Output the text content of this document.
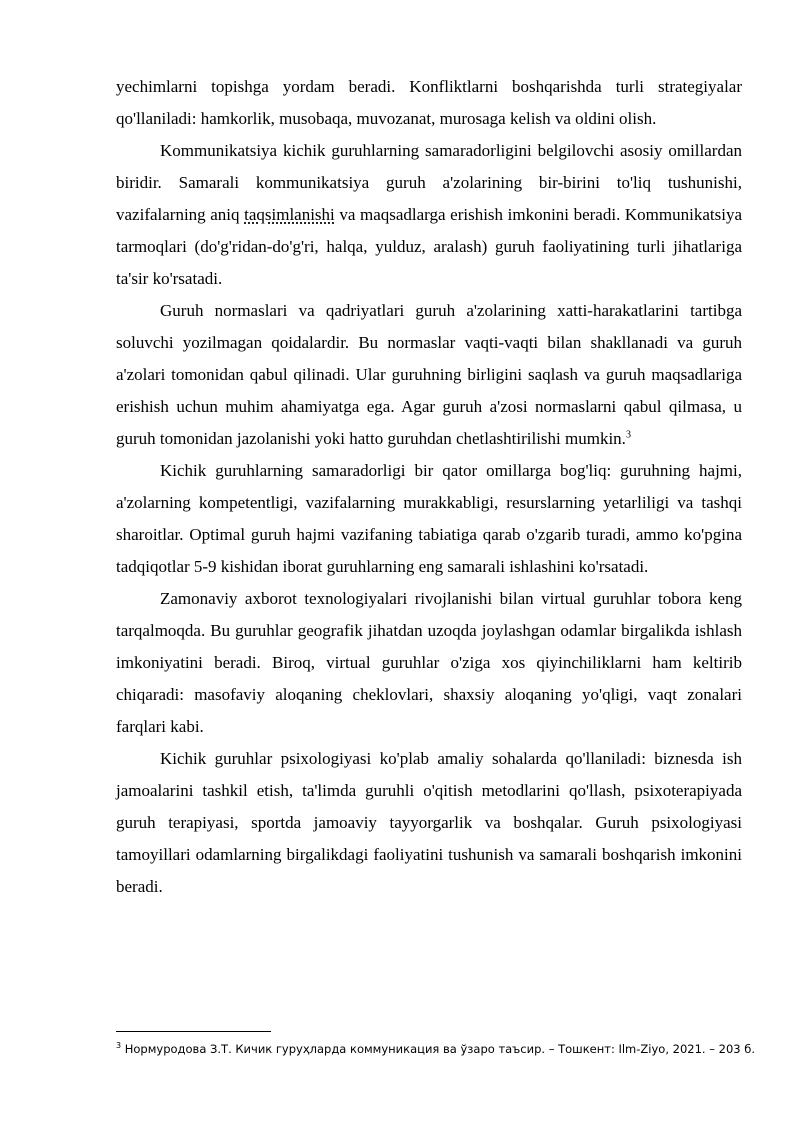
yechimlarni topishga yordam beradi. Konfliktlarni boshqarishda turli strategiyalar qo'llaniladi: hamkorlik, musobaqa, muvozanat, murosaga kelish va oldini olish.

Kommunikatsiya kichik guruhlarning samaradorligini belgilovchi asosiy omillardan biridir. Samarali kommunikatsiya guruh a'zolarining bir-birini to'liq tushunishi, vazifalarning aniq taqsimlanishi va maqsadlarga erishish imkonini beradi. Kommunikatsiya tarmoqlari (do'g'ridan-do'g'ri, halqa, yulduz, aralash) guruh faoliyatining turli jihatlariga ta'sir ko'rsatadi.

Guruh normaslari va qadriyatlari guruh a'zolarining xatti-harakatlarini tartibga soluvchi yozilmagan qoidalardir. Bu normaslar vaqti-vaqti bilan shakllanadi va guruh a'zolari tomonidan qabul qilinadi. Ular guruhning birligini saqlash va guruh maqsadlariga erishish uchun muhim ahamiyatga ega. Agar guruh a'zosi normaslarni qabul qilmasa, u guruh tomonidan jazolanishi yoki hatto guruhdan chetlashtirilishi mumkin.$^3$

Kichik guruhlarning samaradorligi bir qator omillarga bog'liq: guruhning hajmi, a'zolarning kompetentligi, vazifalarning murakkabligi, resurslarning yetarliligi va tashqi sharoitlar. Optimal guruh hajmi vazifaning tabiatiga qarab o'zgarib turadi, ammo ko'pgina tadqiqotlar 5-9 kishidan iborat guruhlarning eng samarali ishlashini ko'rsatadi.

Zamonaviy axborot texnologiyalari rivojlanishi bilan virtual guruhlar tobora keng tarqalmoqda. Bu guruhlar geografik jihatdan uzoqda joylashgan odamlar birgalikda ishlash imkoniyatini beradi. Biroq, virtual guruhlar o'ziga xos qiyinchiliklarni ham keltirib chiqaradi: masofaviy aloqaning cheklovlari, shaxsiy aloqaning yo'qligi, vaqt zonalari farqlari kabi.

Kichik guruhlar psixologiyasi ko'plab amaliy sohalarda qo'llaniladi: biznesda ish jamoalarini tashkil etish, ta'limda guruhli o'qitish metodlarini qo'llash, psixoterapiyada guruh terapiyasi, sportda jamoaviy tayyorgarlik va boshqalar. Guruh psixologiyasi tamoyillari odamlarning birgalikdagi faoliyatini tushunish va samarali boshqarish imkonini beradi.

$^3$ Нормуродова З.Т. Кичик гуруҳларда коммуникация ва ўзаро таъсир. – Тошкент: Ilm-Ziyo, 2021. – 203 б.
